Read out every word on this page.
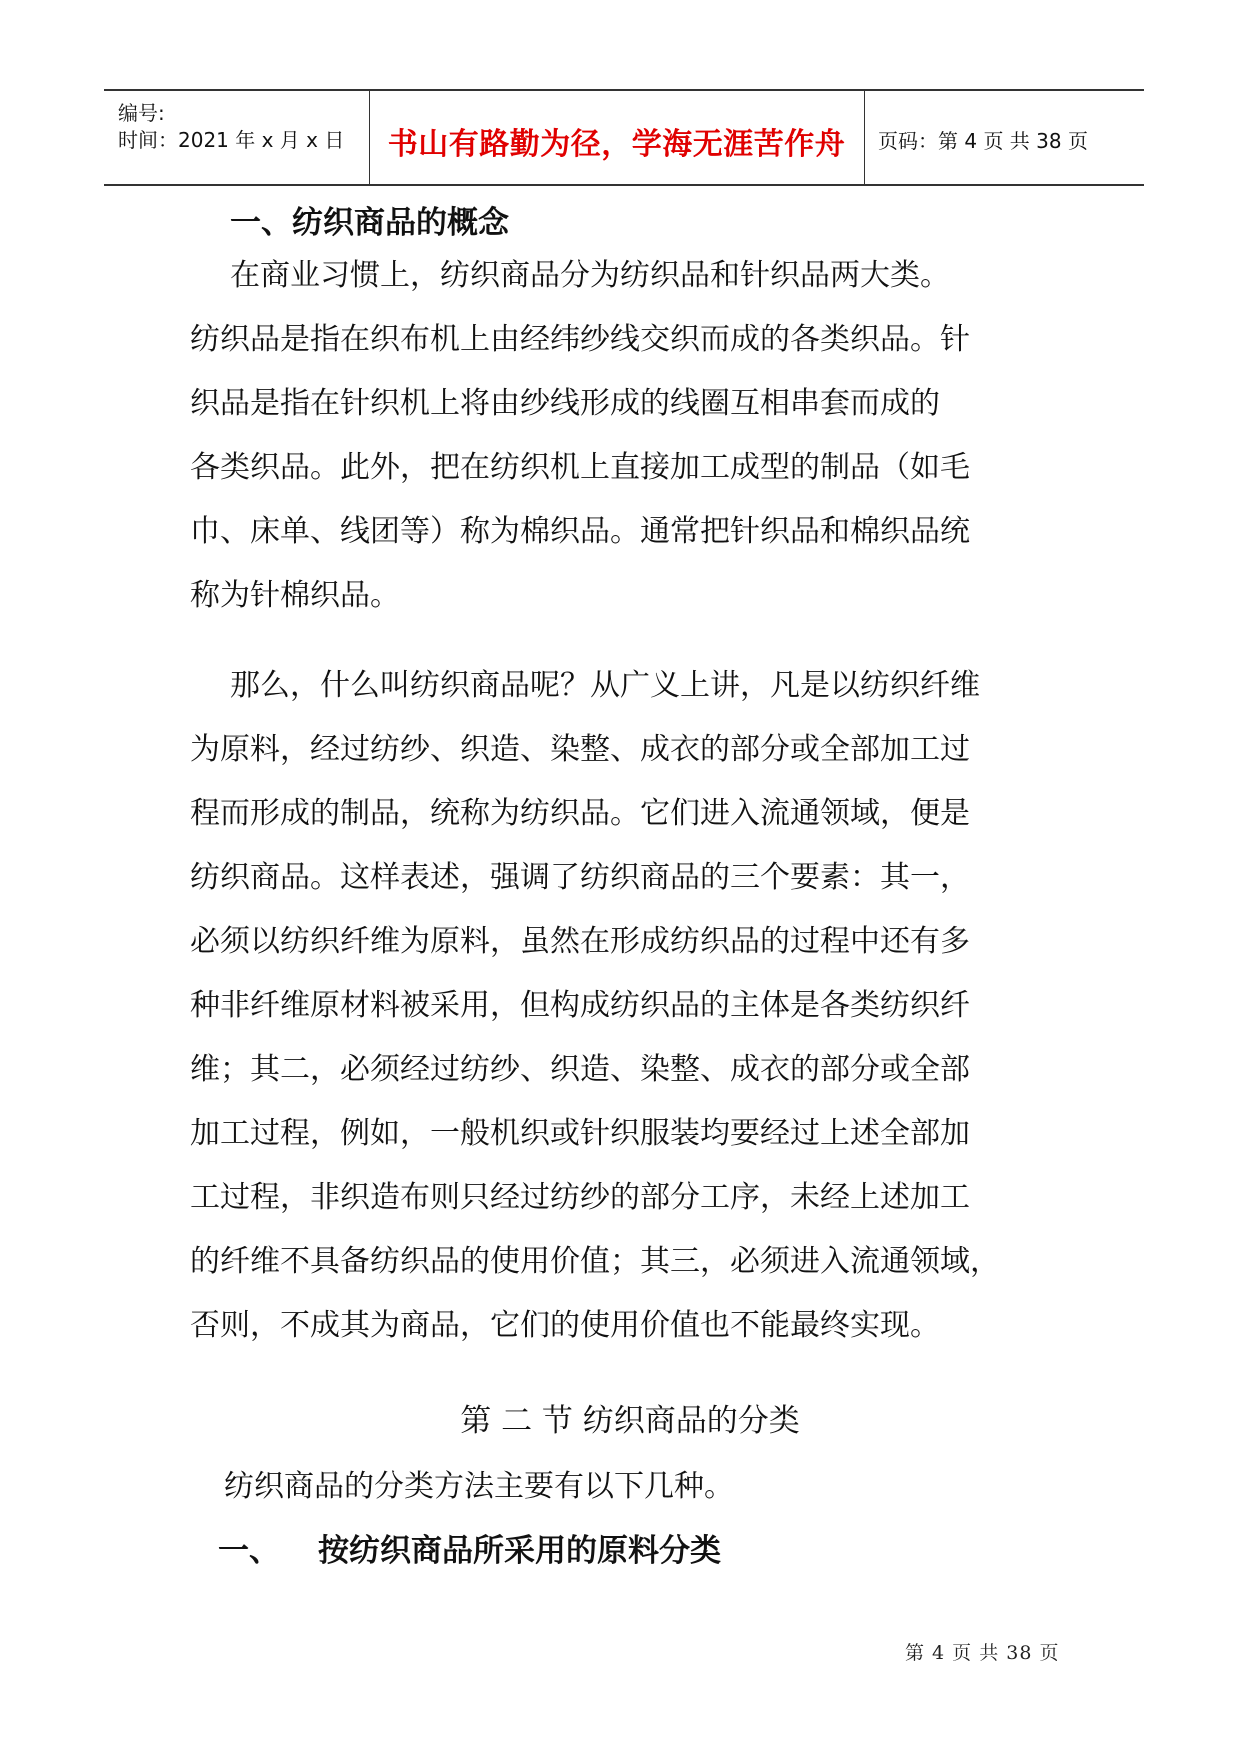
编号:
时间：2021 年 x 月 x 日	书山有路勤为径，学海无涯苦作舟	页码：第 4 页 共 38 页
一、纺织商品的概念
在商业习惯上，纺织商品分为纺织品和针织品两大类。
纺织品是指在织布机上由经纬纱线交织而成的各类织品。针
织品是指在针织机上将由纱线形成的线圈互相串套而成的
各类织品。此外，把在纺织机上直接加工成型的制品（如毛
巾、床单、线团等）称为棉织品。通常把针织品和棉织品统
称为针棉织品。
那么，什么叫纺织商品呢？从广义上讲，凡是以纺织纤维
为原料，经过纺纱、织造、染整、成衣的部分或全部加工过
程而形成的制品，统称为纺织品。它们进入流通领域，便是
纺织商品。这样表述，强调了纺织商品的三个要素：其一，
必须以纺织纤维为原料，虽然在形成纺织品的过程中还有多
种非纤维原材料被采用，但构成纺织品的主体是各类纺织纤
维；其二，必须经过纺纱、织造、染整、成衣的部分或全部
加工过程，例如，一般机织或针织服装均要经过上述全部加
工过程，非织造布则只经过纺纱的部分工序，未经上述加工
的纤维不具备纺织品的使用价值；其三，必须进入流通领域，
否则，不成其为商品，它们的使用价值也不能最终实现。
第 二 节 纺织商品的分类
纺织商品的分类方法主要有以下几种。
一、 按纺织商品所采用的原料分类
第 4 页 共 38 页
